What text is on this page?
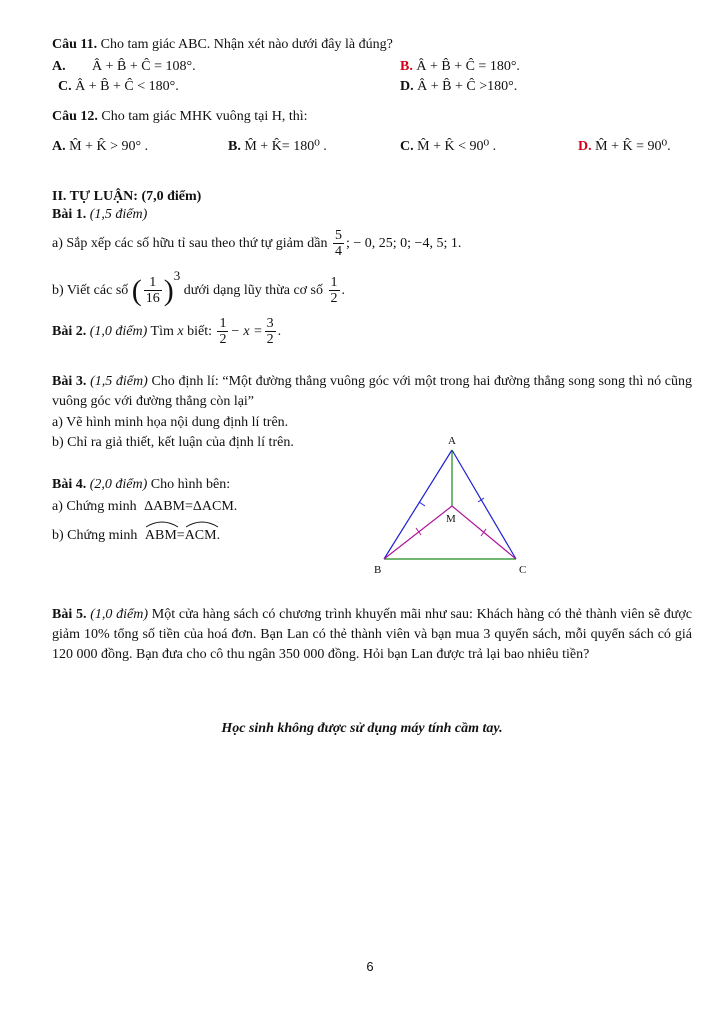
Câu 11. Cho tam giác ABC. Nhận xét nào dưới đây là đúng?
A. Â + B̂ + Ĉ = 108°.	B. Â + B̂ + Ĉ = 180°.
C. Â + B̂ + Ĉ < 180°.	D. Â + B̂ + Ĉ >180°.
Câu 12. Cho tam giác MHK vuông tại H, thì:
A. M̂ + K̂ > 90° .	B. M̂ + K̂= 180⁰ .	C. M̂ + K̂ < 90⁰ .	D. M̂ + K̂ = 90⁰.
II. TỰ LUẬN: (7,0 điểm)
Bài 1. (1,5 điểm)
a) Sắp xếp các số hữu tỉ sau theo thứ tự giảm dần $\frac{5}{4}$ ; − 0, 25; 0; −4, 5; 1.
b) Viết các số ( $\frac{1}{16} )3$ dưới dạng lũy thừa cơ số $\frac{1}{2}$ .
Bài 2. (1,0 điểm) Tìm x biết: $\frac{1}{2} - x = \frac{3}{2}$ .
Bài 3. (1,5 điểm) Cho định lí: “Một đường thẳng vuông góc với một trong hai đường thẳng song song thì nó cũng vuông góc với đường thẳng còn lại”
a) Vẽ hình minh họa nội dung định lí trên.
b) Chỉ ra giả thiết, kết luận của định lí trên.
Bài 4. (2,0 điểm) Cho hình bên:
a) Chứng minh ΔABM=ΔACM.
b) Chứng minh ABM=
ACM.
A
M
B	C
Bài 5. (1,0 điểm) Một cửa hàng sách có chương trình khuyến mãi như sau: Khách hàng có thẻ thành viên sẽ được giảm 10% tổng số tiền của hoá đơn. Bạn Lan có thẻ thành viên và bạn mua 3 quyển sách, mỗi quyển sách có giá 120 000 đồng. Bạn đưa cho cô thu ngân 350 000 đồng. Hỏi bạn Lan được trả lại bao nhiêu tiền?
Học sinh không được sử dụng máy tính cầm tay.
6
